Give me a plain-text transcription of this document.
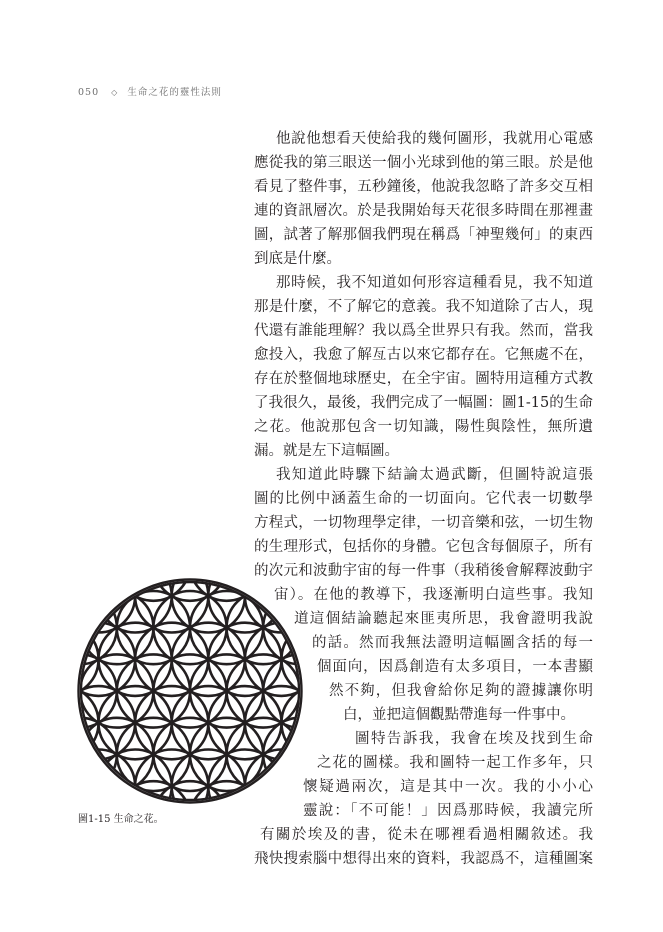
050 ◇ 生命之花的靈性法則
他說他想看天使給我的幾何圖形，我就用心電感
應從我的第三眼送一個小光球到他的第三眼。於是他
看見了整件事，五秒鐘後，他說我忽略了許多交互相
連的資訊層次。於是我開始每天花很多時間在那裡畫
圖，試著了解那個我們現在稱爲「神聖幾何」的東西
到底是什麼。
那時候，我不知道如何形容這種看見，我不知道
那是什麼，不了解它的意義。我不知道除了古人，現
代還有誰能理解？我以爲全世界只有我。然而，當我
愈投入，我愈了解亙古以來它都存在。它無處不在，
存在於整個地球歷史，在全宇宙。圖特用這種方式教
了我很久，最後，我們完成了一幅圖：圖1-15的生命
之花。他說那包含一切知識，陽性與陰性，無所遺
漏。就是左下這幅圖。
我知道此時驟下結論太過武斷，但圖特說這張
圖的比例中涵蓋生命的一切面向。它代表一切數學
方程式，一切物理學定律，一切音樂和弦，一切生物
的生理形式，包括你的身體。它包含每個原子，所有
的次元和波動宇宙的每一件事（我稍後會解釋波動宇
宙）。在他的教導下，我逐漸明白這些事。我知
道這個結論聽起來匪夷所思，我會證明我說
的話。然而我無法證明這幅圖含括的每一
個面向，因爲創造有太多項目，一本書顯
然不夠，但我會給你足夠的證據讓你明
白，並把這個觀點帶進每一件事中。
圖特告訴我，我會在埃及找到生命
之花的圖樣。我和圖特一起工作多年，只
懷疑過兩次，這是其中一次。我的小小心
靈說：「不可能！」因爲那時候，我讀完所
有關於埃及的書，從未在哪裡看過相關敘述。我
飛快搜索腦中想得出來的資料，我認爲不，這種圖案
圖1-15 生命之花。
